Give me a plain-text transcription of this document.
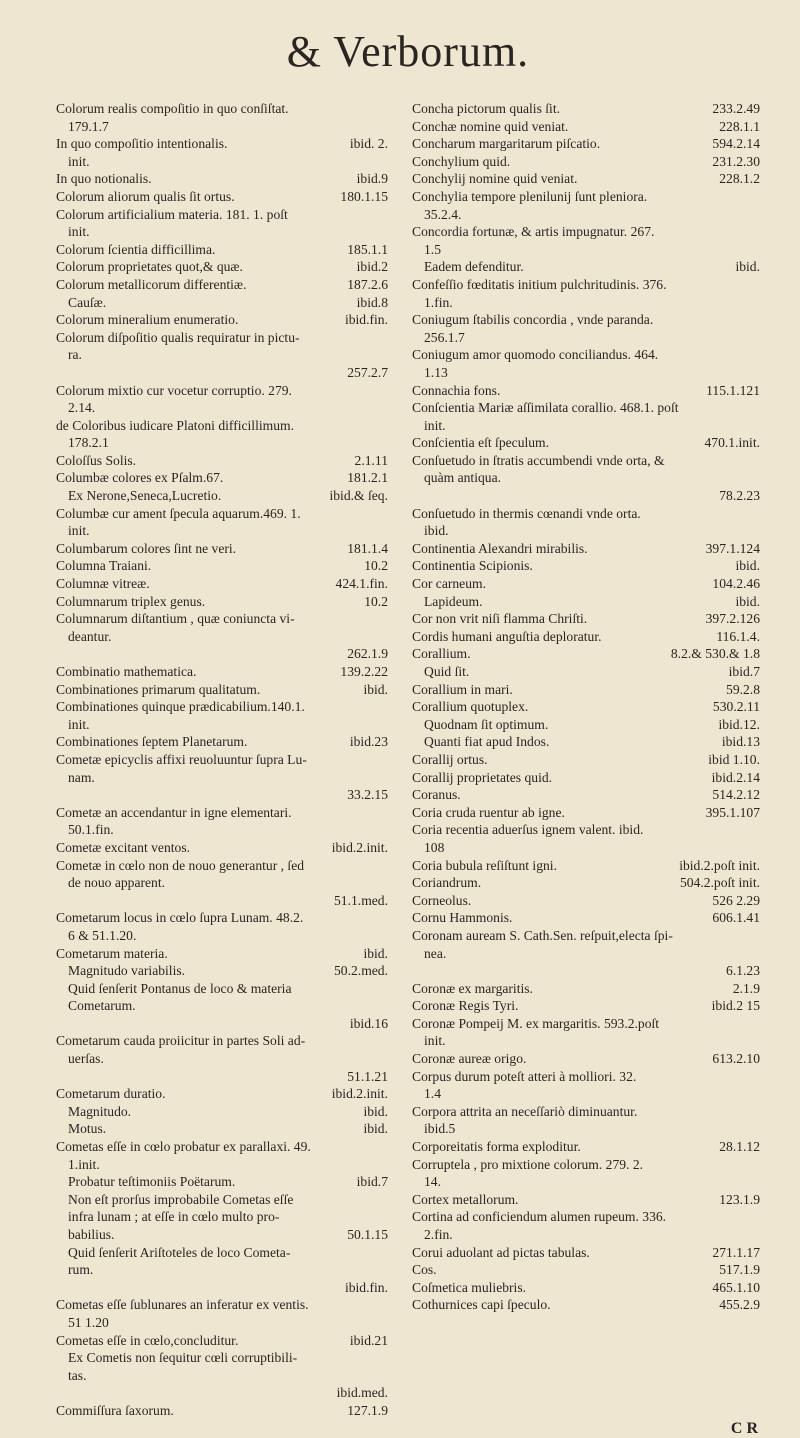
& Verborum.
Colorum realis compoſitio in quo conſiſtat.
179.1.7
In quo compoſitio intentionalis.	ibid. 2.
init.
In quo notionalis.	ibid.9
Colorum aliorum qualis ſit ortus.	180.1.15
Colorum artificialium materia. 181. 1. poſt
init.
Colorum ſcientia difficillima.	185.1.1
Colorum proprietates quot,& quæ.	ibid.2
Colorum metallicorum differentiæ.	187.2.6
Cauſæ.	ibid.8
Colorum mineralium enumeratio.	ibid.fin.
Colorum diſpoſitio qualis requiratur in pictu-
ra.
257.2.7
Colorum mixtio cur vocetur corruptio. 279.
2.14.
de Coloribus iudicare Platoni difficillimum.
178.2.1
Coloſſus Solis.	2.1.11
Columbæ colores ex Pſalm.67.	181.2.1
Ex Nerone,Seneca,Lucretio.	ibid.& ſeq.
Columbæ cur ament ſpecula aquarum.469. 1.
init.
Columbarum colores ſint ne veri.	181.1.4
Columna Traiani.	10.2
Columnæ vitreæ.	424.1.fin.
Columnarum triplex genus.	10.2
Columnarum diſtantium , quæ coniuncta vi-
deantur.
262.1.9
Combinatio mathematica.	139.2.22
Combinationes primarum qualitatum.	ibid.
Combinationes quinque prædicabilium.140.1.
init.
Combinationes ſeptem Planetarum.	ibid.23
Cometæ epicyclis affixi reuoluuntur ſupra Lu-
nam.
33.2.15
Cometæ an accendantur in igne elementari.
50.1.fin.
Cometæ excitant ventos.	ibid.2.init.
Cometæ in cœlo non de nouo generantur , ſed
de nouo apparent.
51.1.med.
Cometarum locus in cœlo ſupra Lunam. 48.2.
6 & 51.1.20.
Cometarum materia.	ibid.
Magnitudo variabilis.	50.2.med.
Quid ſenſerit Pontanus de loco & materia
Cometarum.
ibid.16
Cometarum cauda proiicitur in partes Soli ad-
uerſas.
51.1.21
Cometarum duratio.	ibid.2.init.
Magnitudo.	ibid.
Motus.	ibid.
Cometas eſſe in cœlo probatur ex parallaxi. 49.
1.init.
Probatur teſtimoniis Poëtarum.	ibid.7
Non eſt prorſus improbabile Cometas eſſe
infra lunam ; at eſſe in cœlo multo pro-
babilius.	50.1.15
Quid ſenſerit Ariſtoteles de loco Cometa-
rum.
ibid.fin.
Cometas eſſe ſublunares an inferatur ex ventis.
51 1.20
Cometas eſſe in cœlo,concluditur.	ibid.21
Ex Cometis non ſequitur cœli corruptibili-
tas.
ibid.med.
Commiſſura ſaxorum.	127.1.9
Concha pictorum qualis ſit.	233.2.49
Conchæ nomine quid veniat.	228.1.1
Concharum margaritarum piſcatio.	594.2.14
Conchylium quid.	231.2.30
Conchylij nomine quid veniat.	228.1.2
Conchylia tempore plenilunij ſunt pleniora.
35.2.4.
Concordia fortunæ, & artis impugnatur. 267.
1.5
Eadem defenditur.	ibid.
Confeſſio fœditatis initium pulchritudinis. 376.
1.fin.
Coniugum ſtabilis concordia , vnde paranda.
256.1.7
Coniugum amor quomodo conciliandus. 464.
1.13
Connachia fons.	115.1.121
Conſcientia Mariæ aſſimilata corallio. 468.1. poſt
init.
Conſcientia eſt ſpeculum.	470.1.init.
Conſuetudo in ſtratis accumbendi vnde orta, &
quàm antiqua.
78.2.23
Conſuetudo in thermis cœnandi vnde orta.
ibid.
Continentia Alexandri mirabilis.	397.1.124
Continentia Scipionis.	ibid.
Cor carneum.	104.2.46
Lapideum.	ibid.
Cor non vrit niſi flamma Chriſti.	397.2.126
Cordis humani anguſtia deploratur.	116.1.4.
Corallium.	8.2.& 530.& 1.8
Quid ſit.	ibid.7
Corallium in mari.	59.2.8
Corallium quotuplex.	530.2.11
Quodnam ſit optimum.	ibid.12.
Quanti fiat apud Indos.	ibid.13
Corallij ortus.	ibid 1.10.
Corallij proprietates quid.	ibid.2.14
Coranus.	514.2.12
Coria cruda ruentur ab igne.	395.1.107
Coria recentia aduerſus ignem valent. ibid.
108
Coria bubula reſiſtunt igni.	ibid.2.poſt init.
Coriandrum.	504.2.poſt init.
Corneolus.	526 2.29
Cornu Hammonis.	606.1.41
Coronam auream S. Cath.Sen. reſpuit,electa ſpi-
nea.
6.1.23
Coronæ ex margaritis.	2.1.9
Coronæ Regis Tyri.	ibid.2 15
Coronæ Pompeij M. ex margaritis. 593.2.poſt
init.
Coronæ aureæ origo.	613.2.10
Corpus durum poteſt atteri à molliori. 32.
1.4
Corpora attrita an neceſſariò diminuantur.
ibid.5
Corporeitatis forma exploditur.	28.1.12
Corruptela , pro mixtione colorum. 279. 2.
14.
Cortex metallorum.	123.1.9
Cortina ad conficiendum alumen rupeum. 336.
2.fin.
Corui aduolant ad pictas tabulas.	271.1.17
Cos.	517.1.9
Coſmetica muliebris.	465.1.10
Cothurnices capi ſpeculo.	455.2.9
C R
